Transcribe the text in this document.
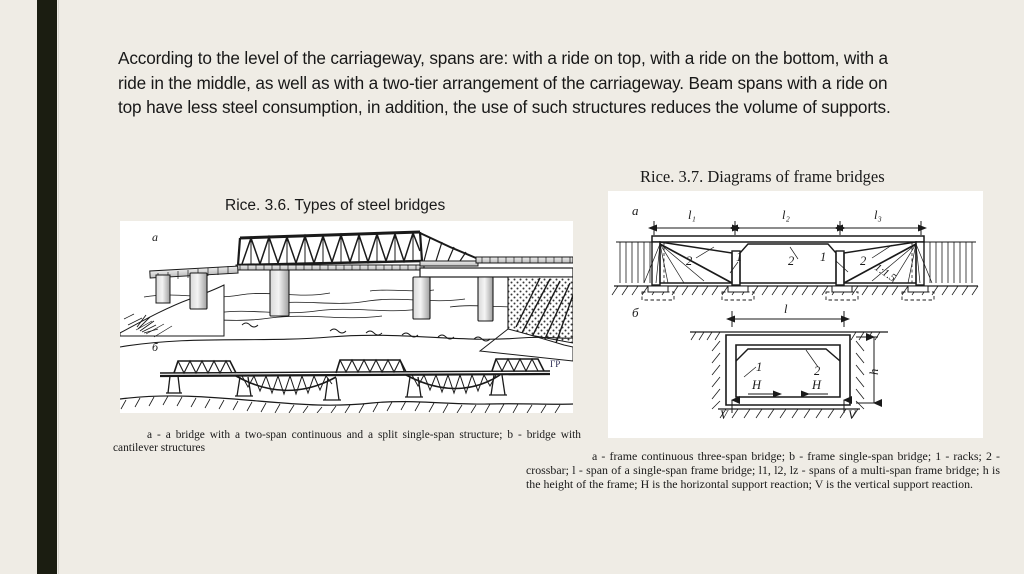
According to the level of the carriageway, spans are: with a ride on top, with a ride on the bottom, with a ride in the middle, as well as with a two-tier arrangement of the carriageway. Beam spans with a ride on top have less steel consumption, in addition, the use of such structures reduces the volume of supports.
Rice. 3.6. Types of steel bridges
Rice. 3.7. Diagrams of frame bridges
а
б
ГР
а	l₁	l₂	l₃
2	1	2 1	2
1:1.5
б	l
1	2
H	H
V	V
h
a - a bridge with a two-span continuous and a split single-span structure; b - bridge with cantilever structures
a - frame continuous three-span bridge; b - frame single-span bridge; 1 - racks; 2 - crossbar; l - span of a single-span frame bridge; l1, l2, lz - spans of a multi-span frame bridge; h is the height of the frame; H is the horizontal support reaction; V is the vertical support reaction.
